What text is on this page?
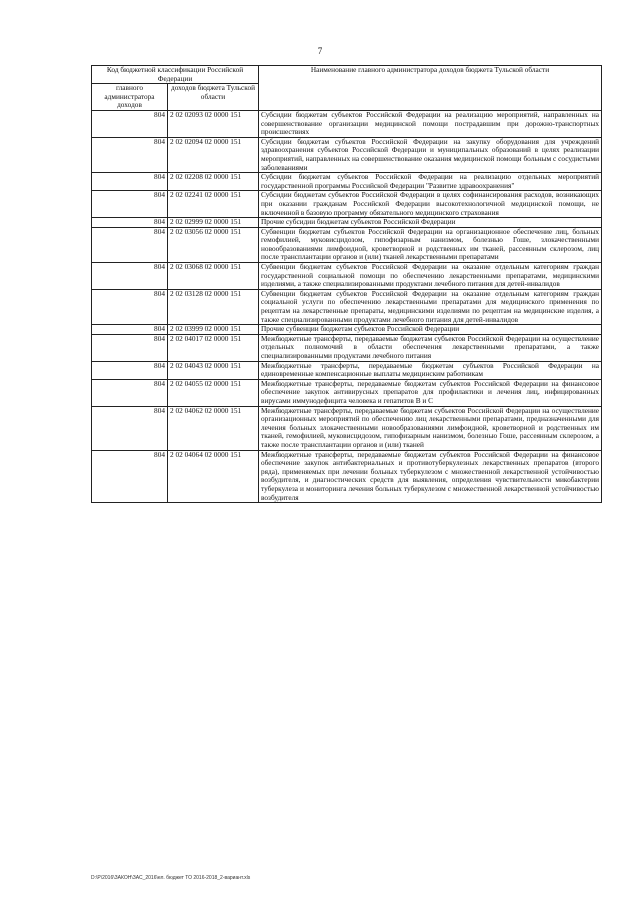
7
Код бюджетной классификации Российской Федерации		Наименование главного администратора доходов бюджета Тульской области
главного администратора доходов	доходов бюджета Тульской области	
804	2 02 02093 02 0000 151	Субсидии бюджетам субъектов Российской Федерации на реализацию мероприятий, направленных на совершенствование организации медицинской помощи пострадавшим при дорожно-транспортных происшествиях
804	2 02 02094 02 0000 151	Субсидии бюджетам субъектов Российской Федерации на закупку оборудования для учреждений здравоохранения субъектов Российской Федерации и муниципальных образований в целях реализации мероприятий, направленных на совершенствование оказания медицинской помощи больным с сосудистыми заболеваниями
804	2 02 02208 02 0000 151	Субсидии бюджетам субъектов Российской Федерации на реализацию отдельных мероприятий государственной программы Российской Федерации "Развитие здравоохранения"
804	2 02 02241 02 0000 151	Субсидии бюджетам субъектов Российской Федерации в целях софинансирования расходов, возникающих при оказании гражданам Российской Федерации высокотехнологичной медицинской помощи, не включенной в базовую программу обязательного медицинского страхования
804	2 02 02999 02 0000 151	Прочие субсидии бюджетам субъектов Российской Федерации
804	2 02 03056 02 0000 151	Субвенции бюджетам субъектов Российской Федерации на организационное обеспечение лиц, больных гемофилией, муковисцидозом, гипофизарным нанизмом, болезнью Гоше, злокачественными новообразованиями лимфоидной, кроветворной и родственных им тканей, рассеянным склерозом, лиц после трансплантации органов и (или) тканей лекарственными препаратами
804	2 02 03068 02 0000 151	Субвенции бюджетам субъектов Российской Федерации на оказание отдельным категориям граждан государственной социальной помощи по обеспечению лекарственными препаратами, медицинскими изделиями, а также специализированными продуктами лечебного питания для детей-инвалидов
804	2 02 03128 02 0000 151	Субвенции бюджетам субъектов Российской Федерации на оказание отдельным категориям граждан социальной услуги по обеспечению лекарственными препаратами для медицинского применения по рецептам на лекарственные препараты, медицинскими изделиями по рецептам на медицинские изделия, а также специализированными продуктами лечебного питания для детей-инвалидов
804	2 02 03999 02 0000 151	Прочие субвенции бюджетам субъектов Российской Федерации
804	2 02 04017 02 0000 151	Межбюджетные трансферты, передаваемые бюджетам субъектов Российской Федерации на осуществление отдельных полномочий в области обеспечения лекарственными препаратами, а также специализированными продуктами лечебного питания
804	2 02 04043 02 0000 151	Межбюджетные трансферты, передаваемые бюджетам субъектов Российской Федерации на единовременные компенсационные выплаты медицинским работникам
804	2 02 04055 02 0000 151	Межбюджетные трансферты, передаваемые бюджетам субъектов Российской Федерации на финансовое обеспечение закупок антивирусных препаратов для профилактики и лечения лиц, инфицированных вирусами иммунодефицита человека и гепатитов В и С
804	2 02 04062 02 0000 151	Межбюджетные трансферты, передаваемые бюджетам субъектов Российской Федерации на осуществление организационных мероприятий по обеспечению лиц лекарственными препаратами, предназначенными для лечения больных злокачественными новообразованиями лимфоидной, кроветворной и родственных им тканей, гемофилией, муковисцидозом, гипофизарным нанизмом, болезнью Гоше, рассеянным склерозом, а также после трансплантации органов и (или) тканей
804	2 02 04064 02 0000 151	Межбюджетные трансферты, передаваемые бюджетам субъектов Российской Федерации на финансовое обеспечение закупок антибактериальных и противотуберкулезных лекарственных препаратов (второго ряда), применяемых при лечении больных туберкулезом с множественной лекарственной устойчивостью возбудителя, и диагностических средств для выявления, определения чувствительности микобактерии туберкулеза и мониторинга лечения больных туберкулезом с множественной лекарственной устойчивостью возбудителя
D:\P\2016\ЗАКОН\ЗАС_2016\ел. бюджет ТО 2016-2018_2-вариант.xls
